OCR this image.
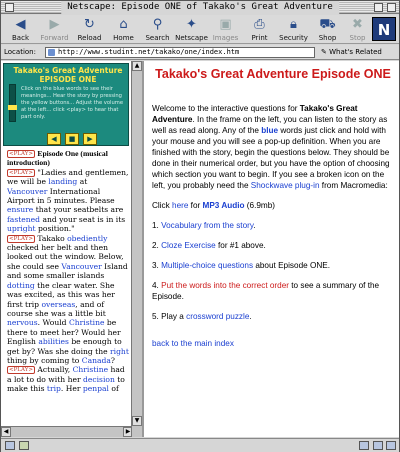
Netscape: Episode ONE of Takako's Great Adventure
◀
Back
▶
Forward
↻
Reload
⌂
Home
⚲
Search
✦
Netscape
▣
Images
⎙
Print
🔒︎
Security
⛟
Shop
✖
Stop N
Location:	http://www.studint.net/takako/one/index.htm	✎ What's Related
Takako's Great Adventure EPISODE ONE
Click on the blue words to see their meanings... Hear the story by pressing the yellow buttons... Adjust the volume at the left... click <play> to hear that part only.
◀ ■ ▶

<PLAY> Episode One (musical introduction)

<PLAY> "Ladies and gentlemen, we will be landing at Vancouver International Airport in 5 minutes. Please ensure that your seatbelts are fastened and your seat is in its upright position."

<PLAY> Takako obediently checked her belt and then looked out the window. Below, she could see Vancouver Island and some smaller islands dotting the clear water. She was excited, as this was her first trip overseas, and of course she was a little bit nervous. Would Christine be there to meet her? Would her English abilities be enough to get by? Was she doing the right thing by coming to Canada?

<PLAY> Actually, Christine had a lot to do with her decision to make this trip. Her penpal of

◀	▶
▲
▼
Takako's Great Adventure Episode ONE

Welcome to the interactive questions for Takako's Great Adventure. In the frame on the left, you can listen to the story as well as read along. Any of the blue words just click and hold with your mouse and you will see a pop-up definition. When you are finished with the story, begin the questions below. They should be done in their numerical order, but you have the option of choosing which section you want to begin. If you see a broken icon on the left, you probably need the Shockwave plug-in from Macromedia:

Click here for MP3 Audio (6.9mb)

1. Vocabulary from the story.

2. Cloze Exercise for #1 above.

3. Multiple-choice questions about Episode ONE.

4. Put the words into the correct order to see a summary of the Episode.

5. Play a crossword puzzle.

back to the main index
